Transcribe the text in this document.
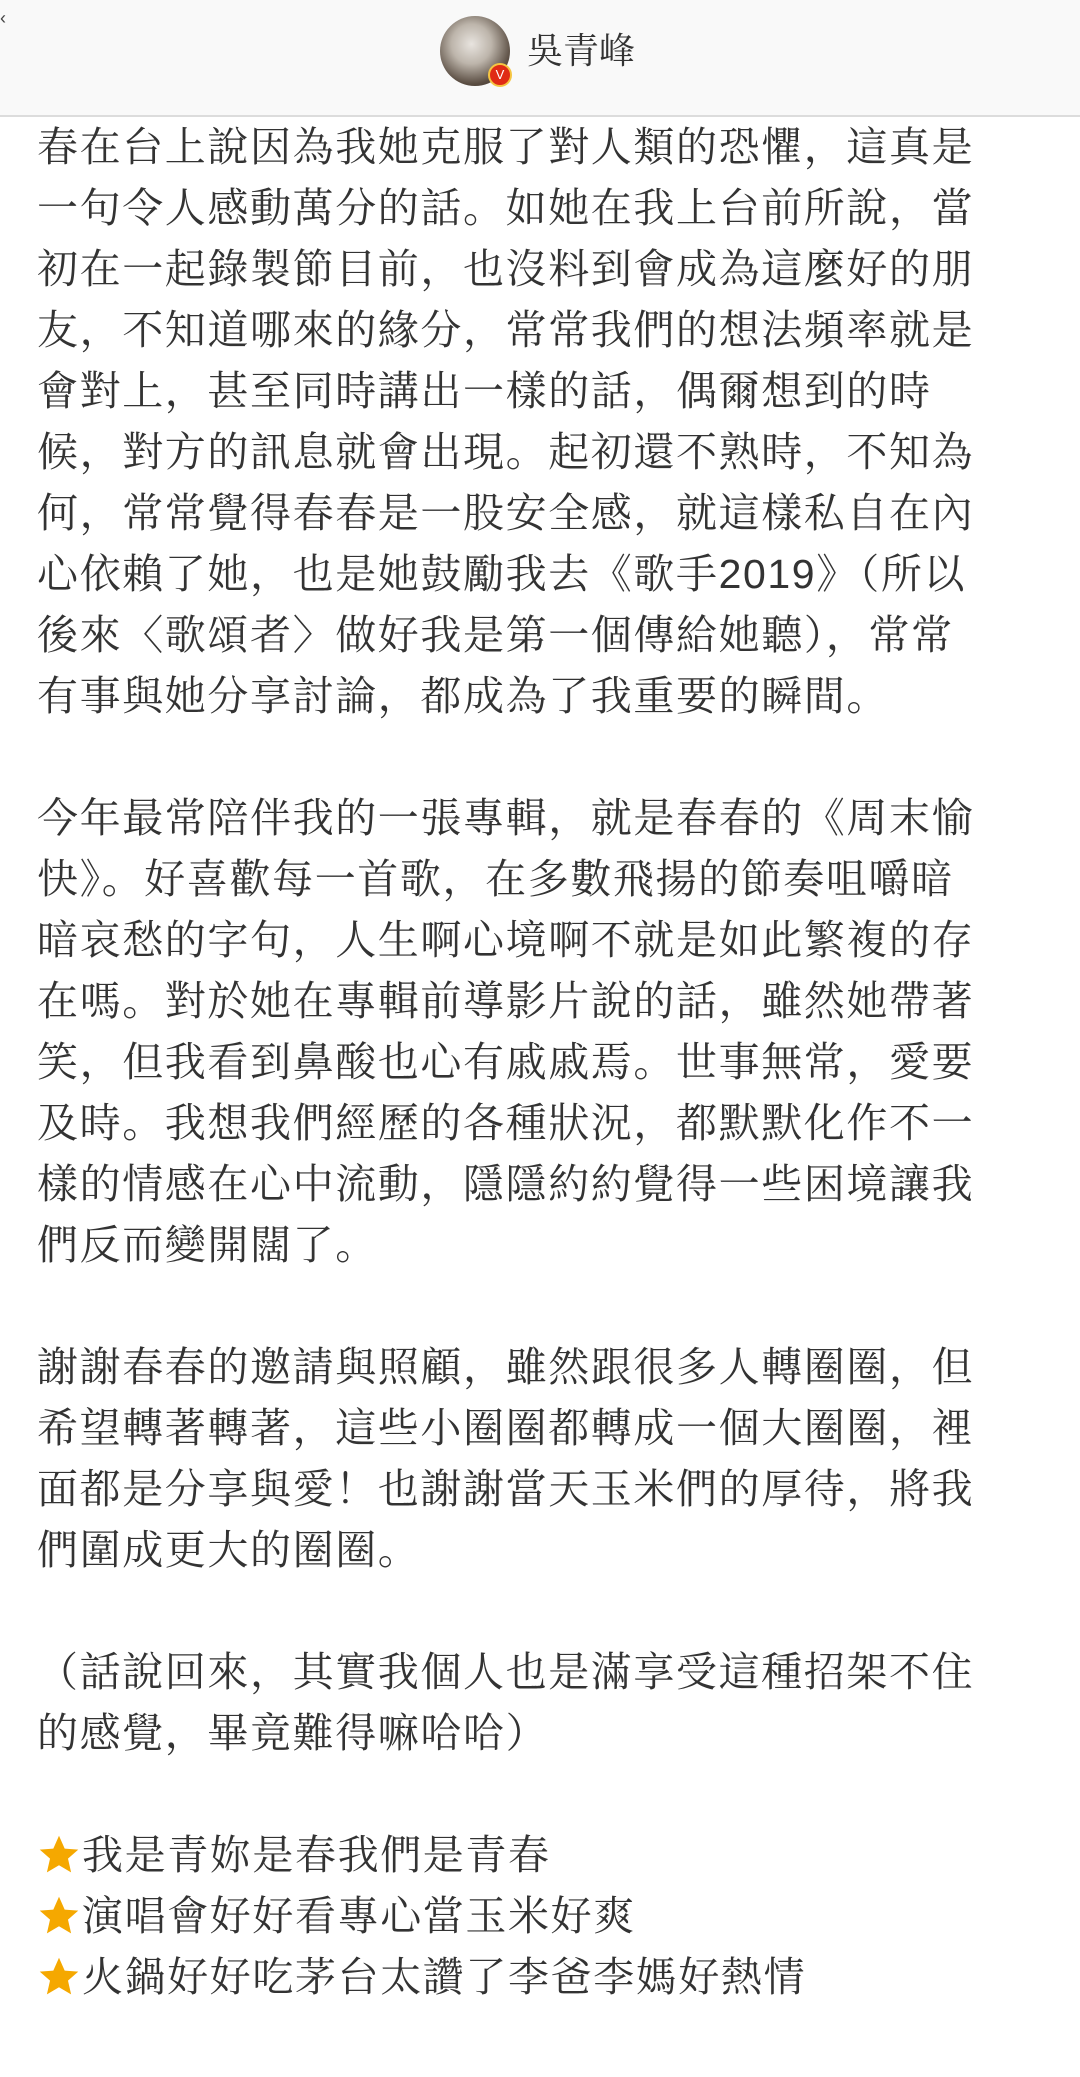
‹
V
吳青峰
春在台上說因為我她克服了對人類的恐懼，這真是
一句令人感動萬分的話。如她在我上台前所說，當
初在一起錄製節目前，也沒料到會成為這麼好的朋
友，不知道哪來的緣分，常常我們的想法頻率就是
會對上，甚至同時講出一樣的話，偶爾想到的時
候，對方的訊息就會出現。起初還不熟時，不知為
何，常常覺得春春是一股安全感，就這樣私自在內
心依賴了她，也是她鼓勵我去《歌手2019》（所以
後來〈歌頌者〉做好我是第一個傳給她聽），常常
有事與她分享討論，都成為了我重要的瞬間。
今年最常陪伴我的一張專輯，就是春春的《周末愉
快》。好喜歡每一首歌，在多數飛揚的節奏咀嚼暗
暗哀愁的字句，人生啊心境啊不就是如此繁複的存
在嗎。對於她在專輯前導影片說的話，雖然她帶著
笑，但我看到鼻酸也心有戚戚焉。世事無常，愛要
及時。我想我們經歷的各種狀況，都默默化作不一
樣的情感在心中流動，隱隱約約覺得一些困境讓我
們反而變開闊了。
謝謝春春的邀請與照顧，雖然跟很多人轉圈圈，但
希望轉著轉著，這些小圈圈都轉成一個大圈圈，裡
面都是分享與愛！也謝謝當天玉米們的厚待，將我
們圍成更大的圈圈。
（話說回來，其實我個人也是滿享受這種招架不住
的感覺，畢竟難得嘛哈哈）
我是青妳是春我們是青春
演唱會好好看專心當玉米好爽
火鍋好好吃茅台太讚了李爸李媽好熱情
